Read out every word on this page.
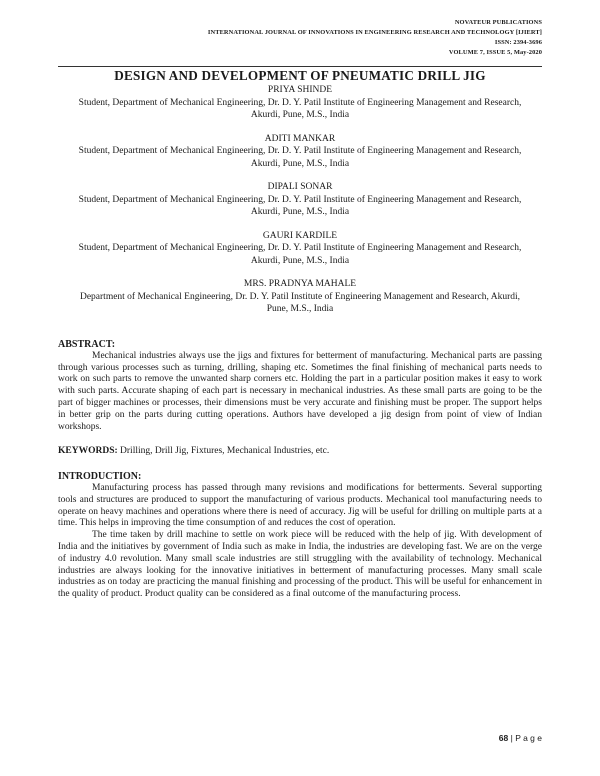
NOVATEUR PUBLICATIONS
INTERNATIONAL JOURNAL OF INNOVATIONS IN ENGINEERING RESEARCH AND TECHNOLOGY [IJIERT]
ISSN: 2394-3696
VOLUME 7, ISSUE 5, May-2020
DESIGN AND DEVELOPMENT OF PNEUMATIC DRILL JIG
PRIYA SHINDE
Student, Department of Mechanical Engineering, Dr. D. Y. Patil Institute of Engineering Management and Research, Akurdi, Pune, M.S., India
ADITI MANKAR
Student, Department of Mechanical Engineering, Dr. D. Y. Patil Institute of Engineering Management and Research, Akurdi, Pune, M.S., India
DIPALI SONAR
Student, Department of Mechanical Engineering, Dr. D. Y. Patil Institute of Engineering Management and Research, Akurdi, Pune, M.S., India
GAURI KARDILE
Student, Department of Mechanical Engineering, Dr. D. Y. Patil Institute of Engineering Management and Research, Akurdi, Pune, M.S., India
MRS. PRADNYA MAHALE
Department of Mechanical Engineering, Dr. D. Y. Patil Institute of Engineering Management and Research, Akurdi, Pune, M.S., India

ABSTRACT:

Mechanical industries always use the jigs and fixtures for betterment of manufacturing. Mechanical parts are passing through various processes such as turning, drilling, shaping etc. Sometimes the final finishing of mechanical parts needs to work on such parts to remove the unwanted sharp corners etc. Holding the part in a particular position makes it easy to work with such parts. Accurate shaping of each part is necessary in mechanical industries. As these small parts are going to be the part of bigger machines or processes, their dimensions must be very accurate and finishing must be proper. The support helps in better grip on the parts during cutting operations. Authors have developed a jig design from point of view of Indian workshops.

KEYWORDS: Drilling, Drill Jig, Fixtures, Mechanical Industries, etc.

INTRODUCTION:

Manufacturing process has passed through many revisions and modifications for betterments. Several supporting tools and structures are produced to support the manufacturing of various products. Mechanical tool manufacturing needs to operate on heavy machines and operations where there is need of accuracy. Jig will be useful for drilling on multiple parts at a time. This helps in improving the time consumption of and reduces the cost of operation.

The time taken by drill machine to settle on work piece will be reduced with the help of jig. With development of India and the initiatives by government of India such as make in India, the industries are developing fast. We are on the verge of industry 4.0 revolution. Many small scale industries are still struggling with the availability of technology. Mechanical industries are always looking for the innovative initiatives in betterment of manufacturing processes. Many small scale industries as on today are practicing the manual finishing and processing of the product. This will be useful for enhancement in the quality of product. Product quality can be considered as a final outcome of the manufacturing process.

68 | P a g e
